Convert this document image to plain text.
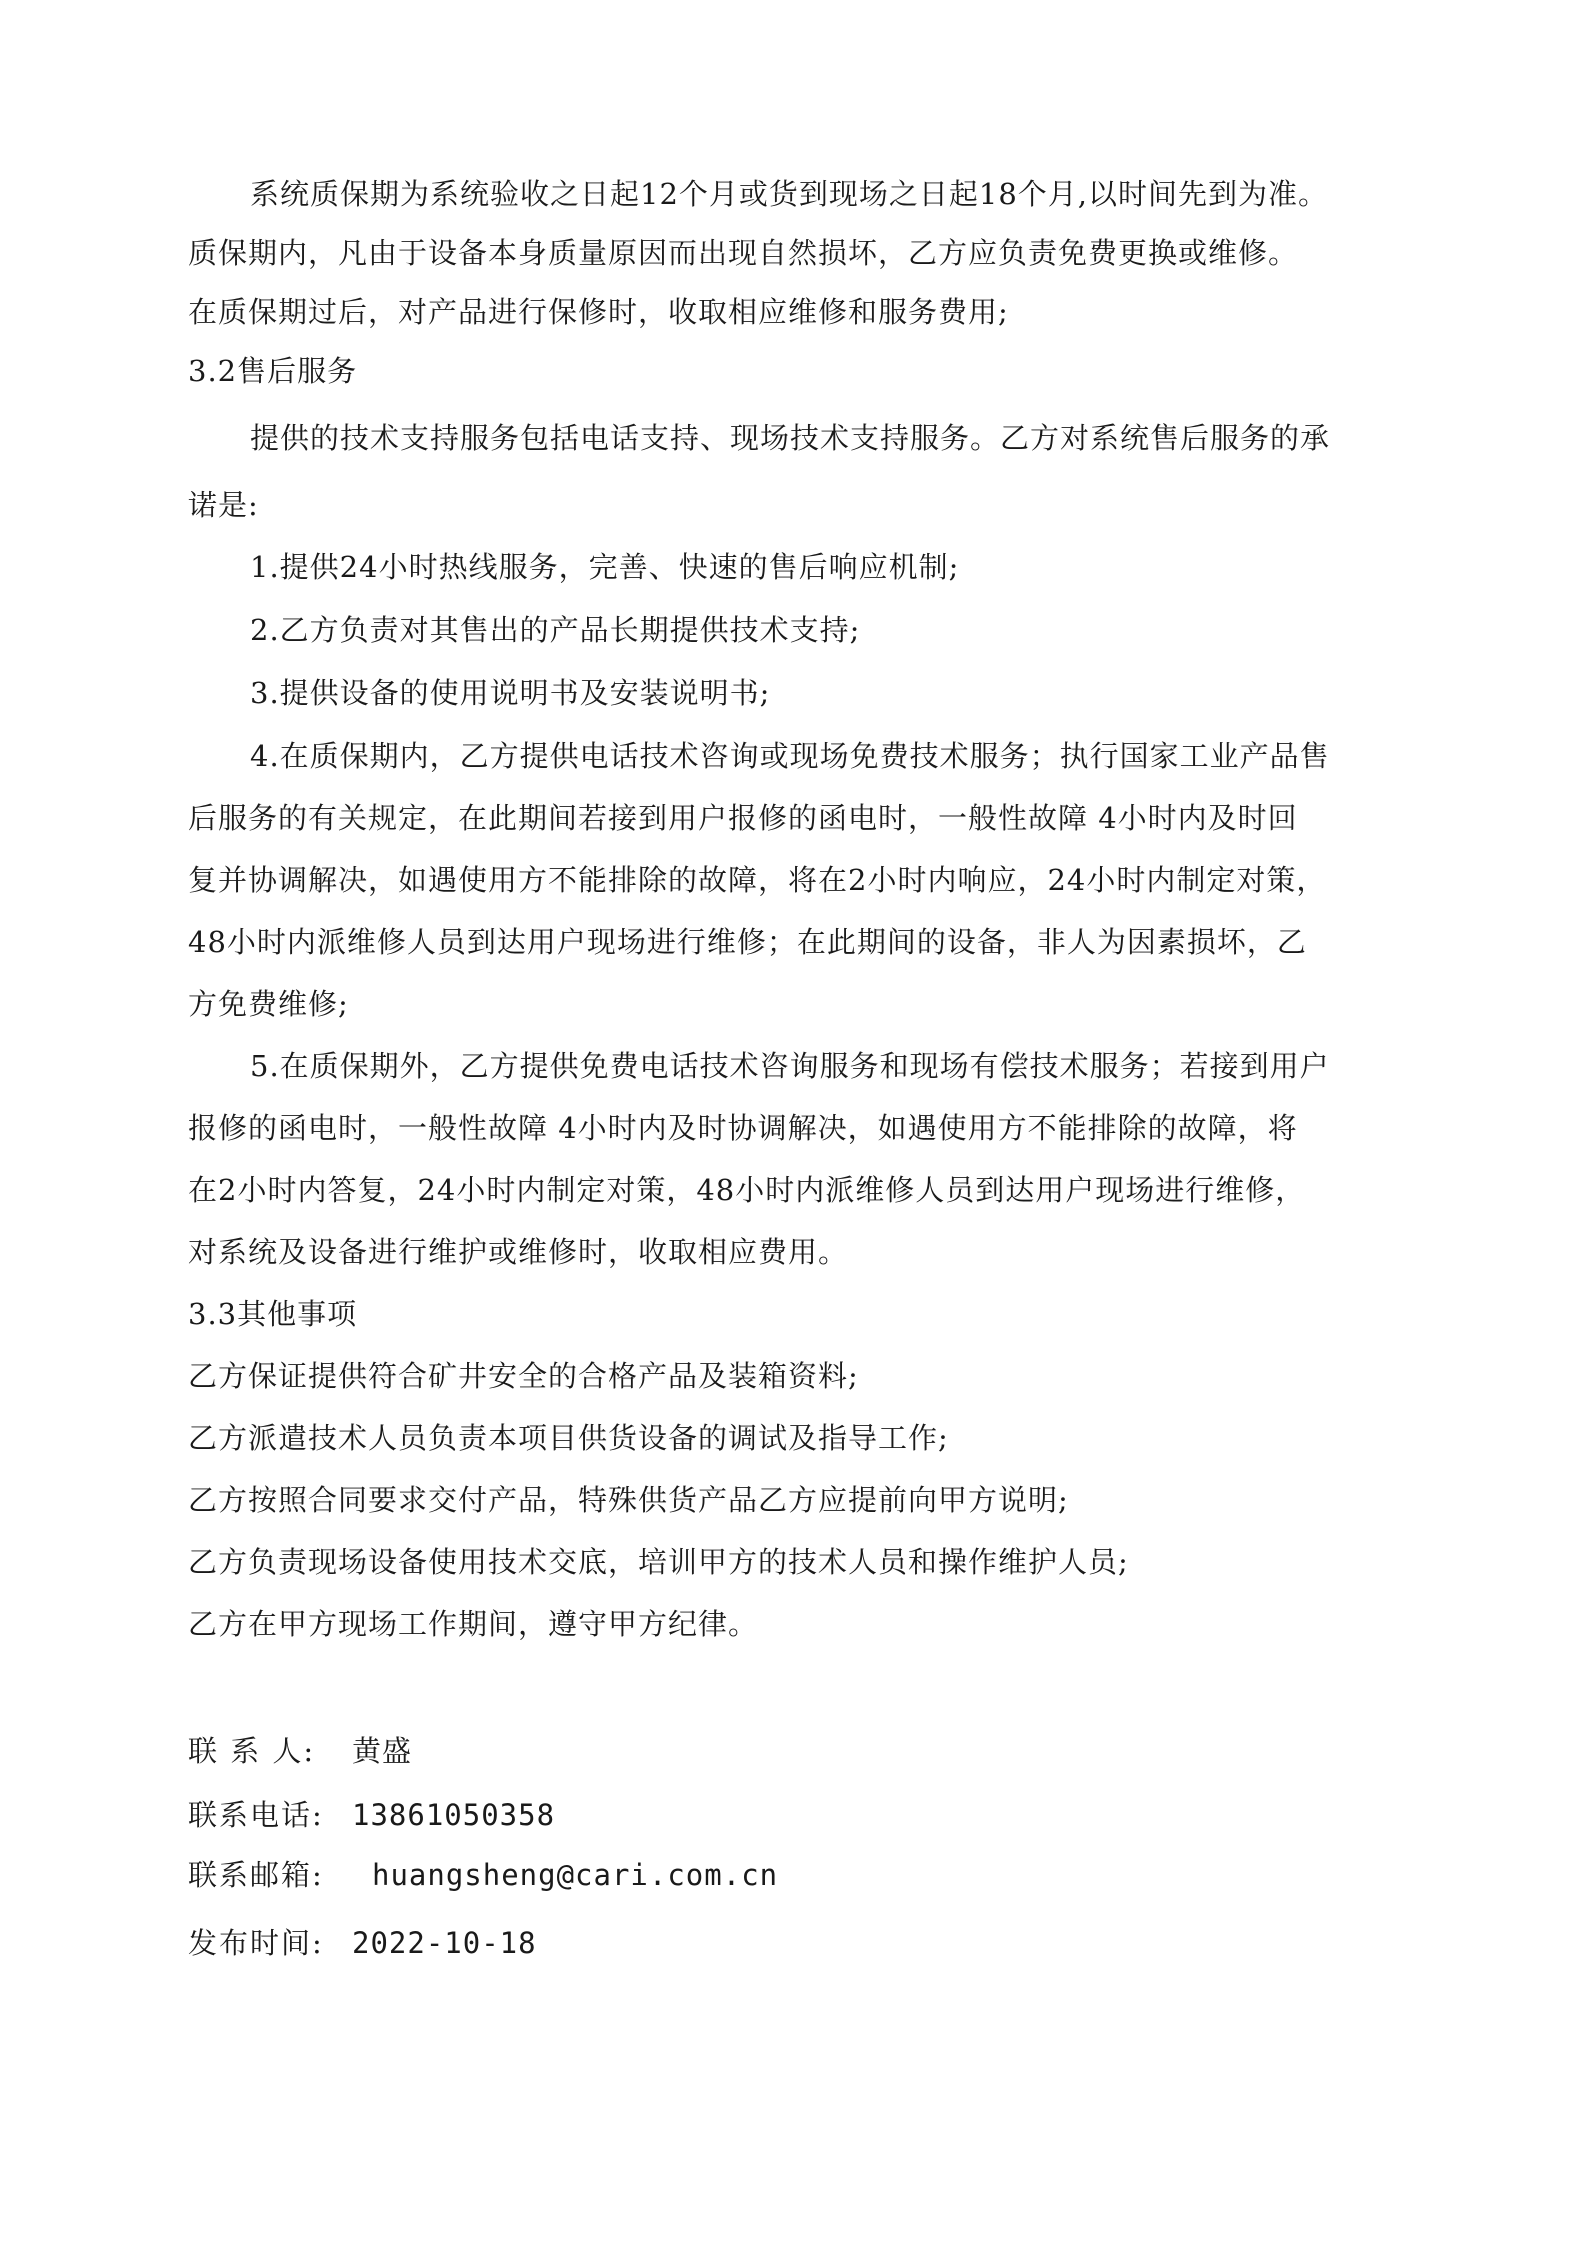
系统质保期为系统验收之日起12个月或货到现场之日起18个月,以时间先到为准。
质保期内，凡由于设备本身质量原因而出现自然损坏，乙方应负责免费更换或维修。
在质保期过后，对产品进行保修时，收取相应维修和服务费用;
3.2售后服务
提供的技术支持服务包括电话支持、现场技术支持服务。乙方对系统售后服务的承
诺是:
1.提供24小时热线服务，完善、快速的售后响应机制;
2.乙方负责对其售出的产品长期提供技术支持;
3.提供设备的使用说明书及安装说明书;
4.在质保期内，乙方提供电话技术咨询或现场免费技术服务；执行国家工业产品售
后服务的有关规定，在此期间若接到用户报修的函电时，一般性故障 4小时内及时回
复并协调解决，如遇使用方不能排除的故障，将在2小时内响应，24小时内制定对策，
48小时内派维修人员到达用户现场进行维修；在此期间的设备，非人为因素损坏，乙
方免费维修;
5.在质保期外，乙方提供免费电话技术咨询服务和现场有偿技术服务；若接到用户
报修的函电时，一般性故障 4小时内及时协调解决，如遇使用方不能排除的故障，将
在2小时内答复，24小时内制定对策，48小时内派维修人员到达用户现场进行维修，
对系统及设备进行维护或维修时，收取相应费用。
3.3其他事项
乙方保证提供符合矿井安全的合格产品及装箱资料;
乙方派遣技术人员负责本项目供货设备的调试及指导工作;
乙方按照合同要求交付产品，特殊供货产品乙方应提前向甲方说明;
乙方负责现场设备使用技术交底，培训甲方的技术人员和操作维护人员;
乙方在甲方现场工作期间，遵守甲方纪律。
联 系 人: 黄盛
联系电话: 13861050358
联系邮箱: huangsheng@cari.com.cn
发布时间: 2022-10-18
